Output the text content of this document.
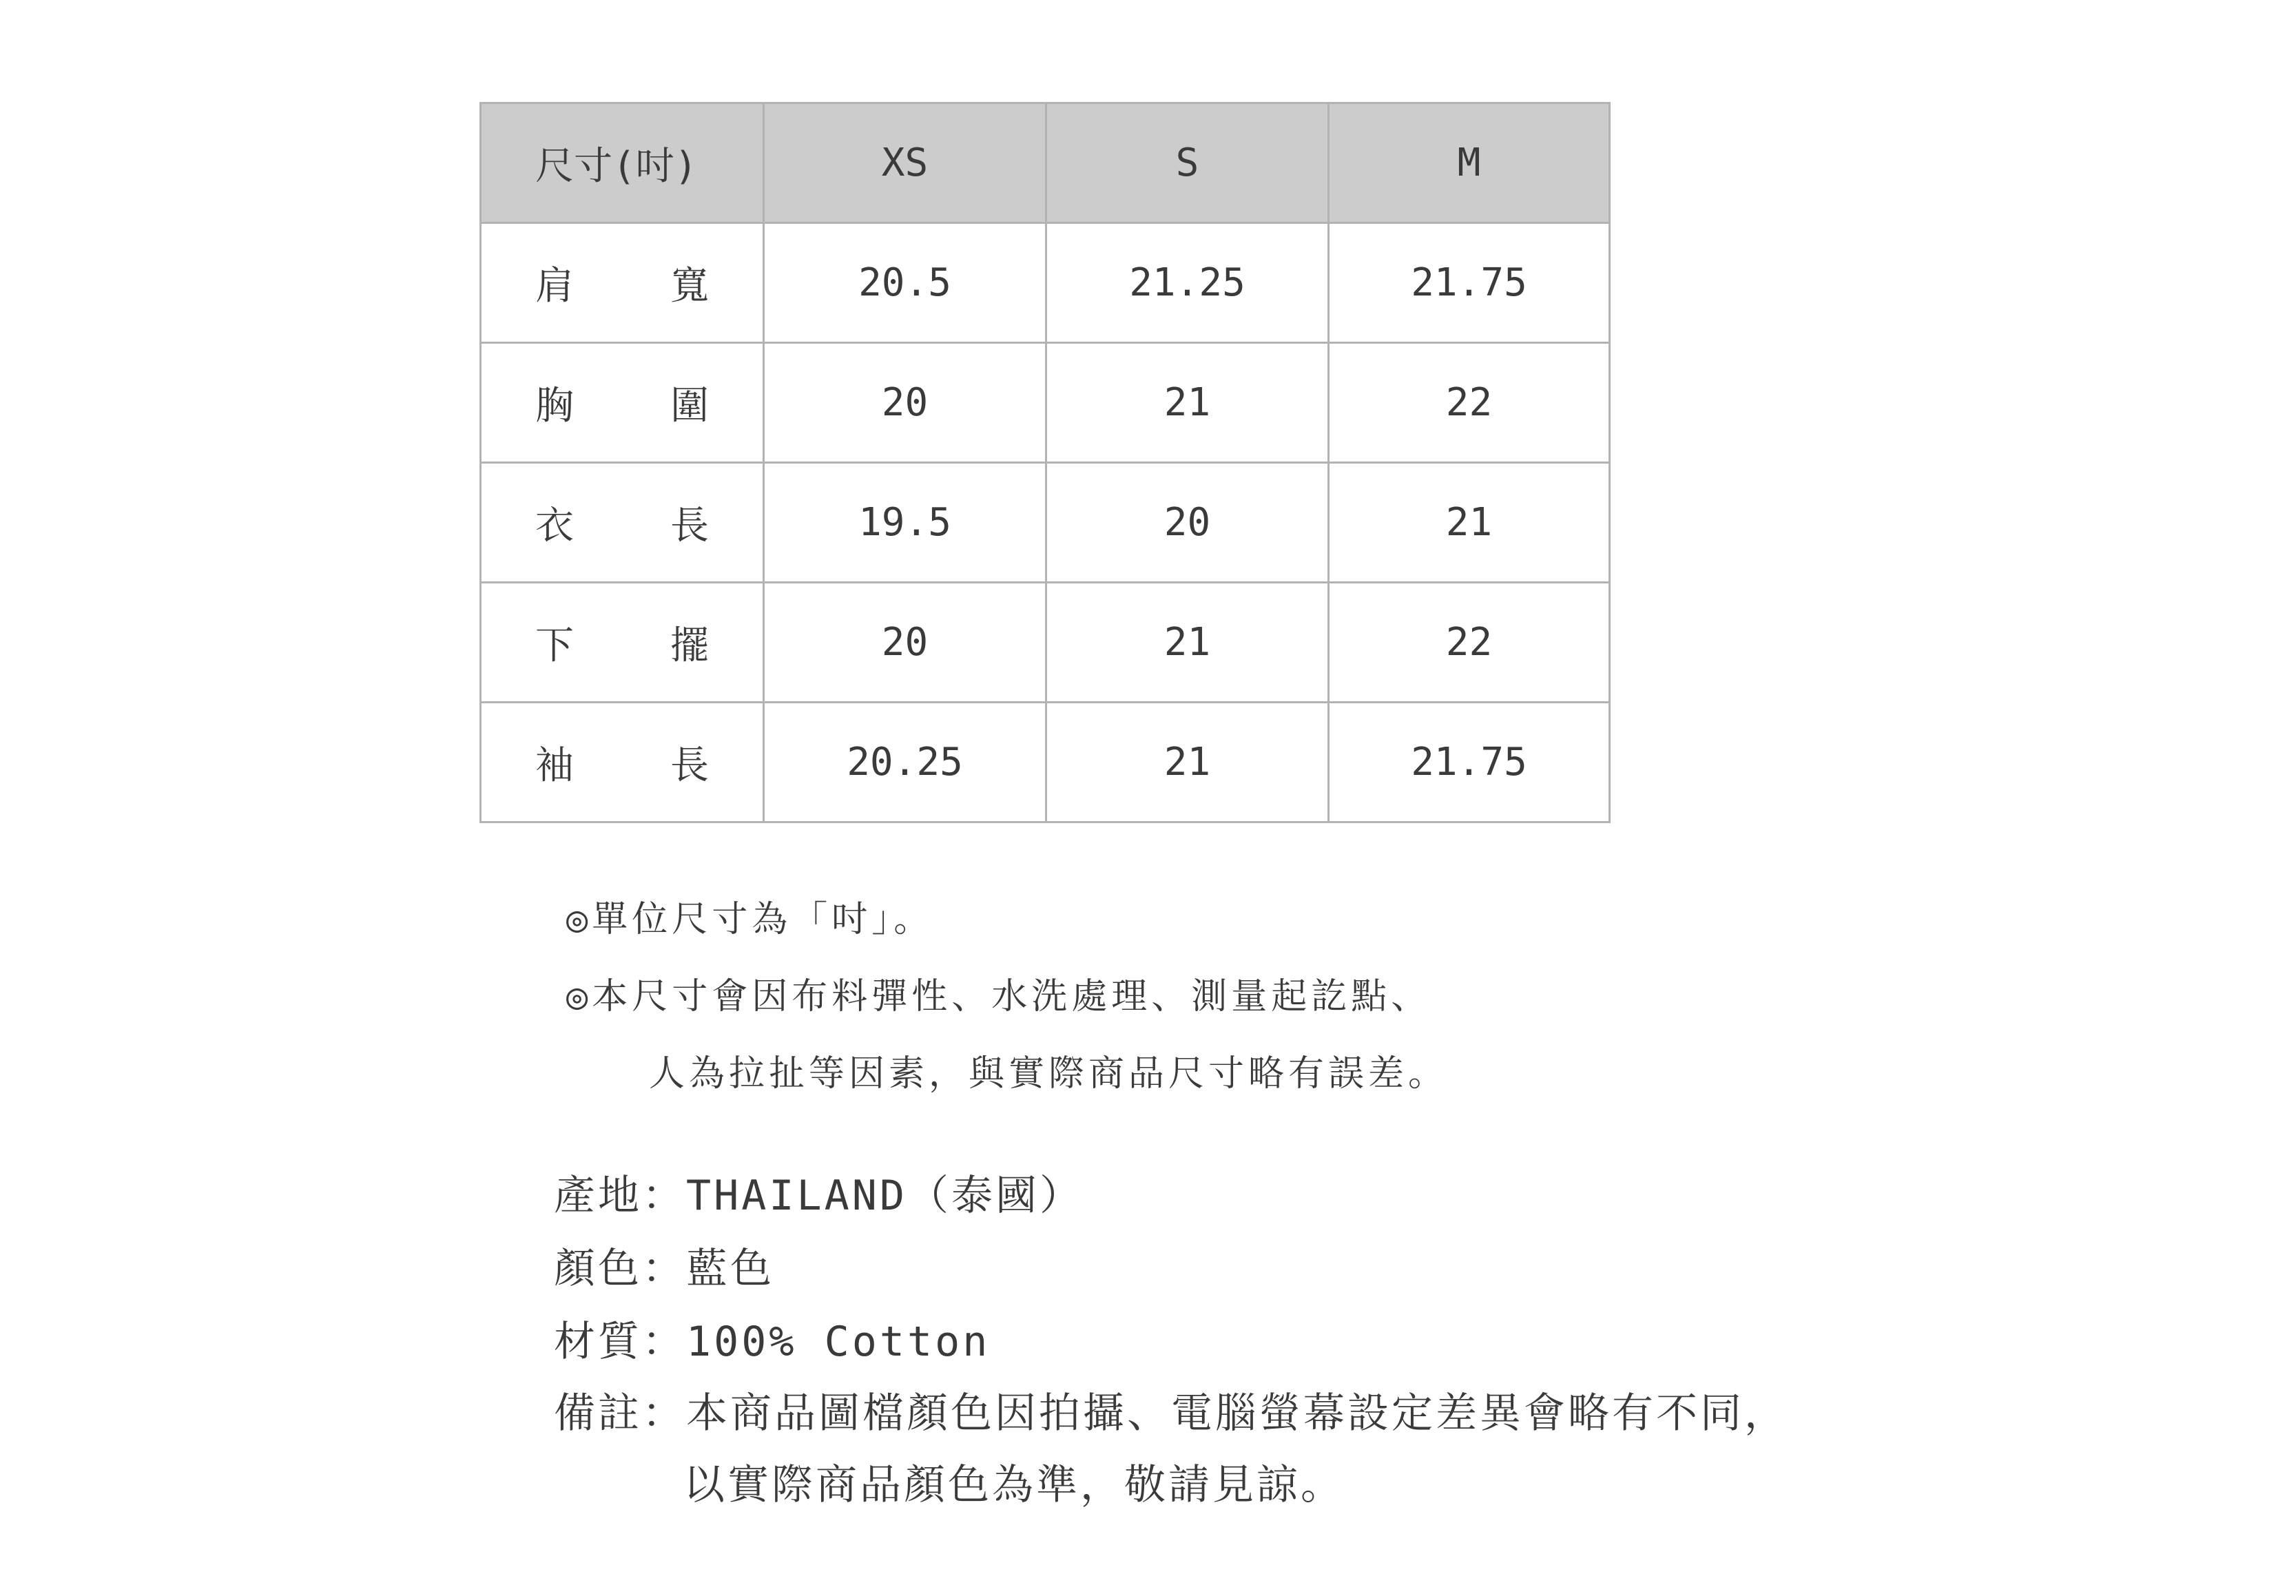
尺寸(吋)	XS	S	M

肩 寬	20.5	21.25	21.75

胸 圍	20	21	22

衣 長	19.5	20	21

下 擺	20	21	22

袖 長	20.25	21	21.75
◎單位尺寸為「吋」。
◎本尺寸會因布料彈性、水洗處理、測量起訖點、
人為拉扯等因素，與實際商品尺寸略有誤差。
產地：THAILAND（泰國）
顏色：藍色
材質：100% Cotton
備註：本商品圖檔顏色因拍攝、電腦螢幕設定差異會略有不同，
以實際商品顏色為準，敬請見諒。
